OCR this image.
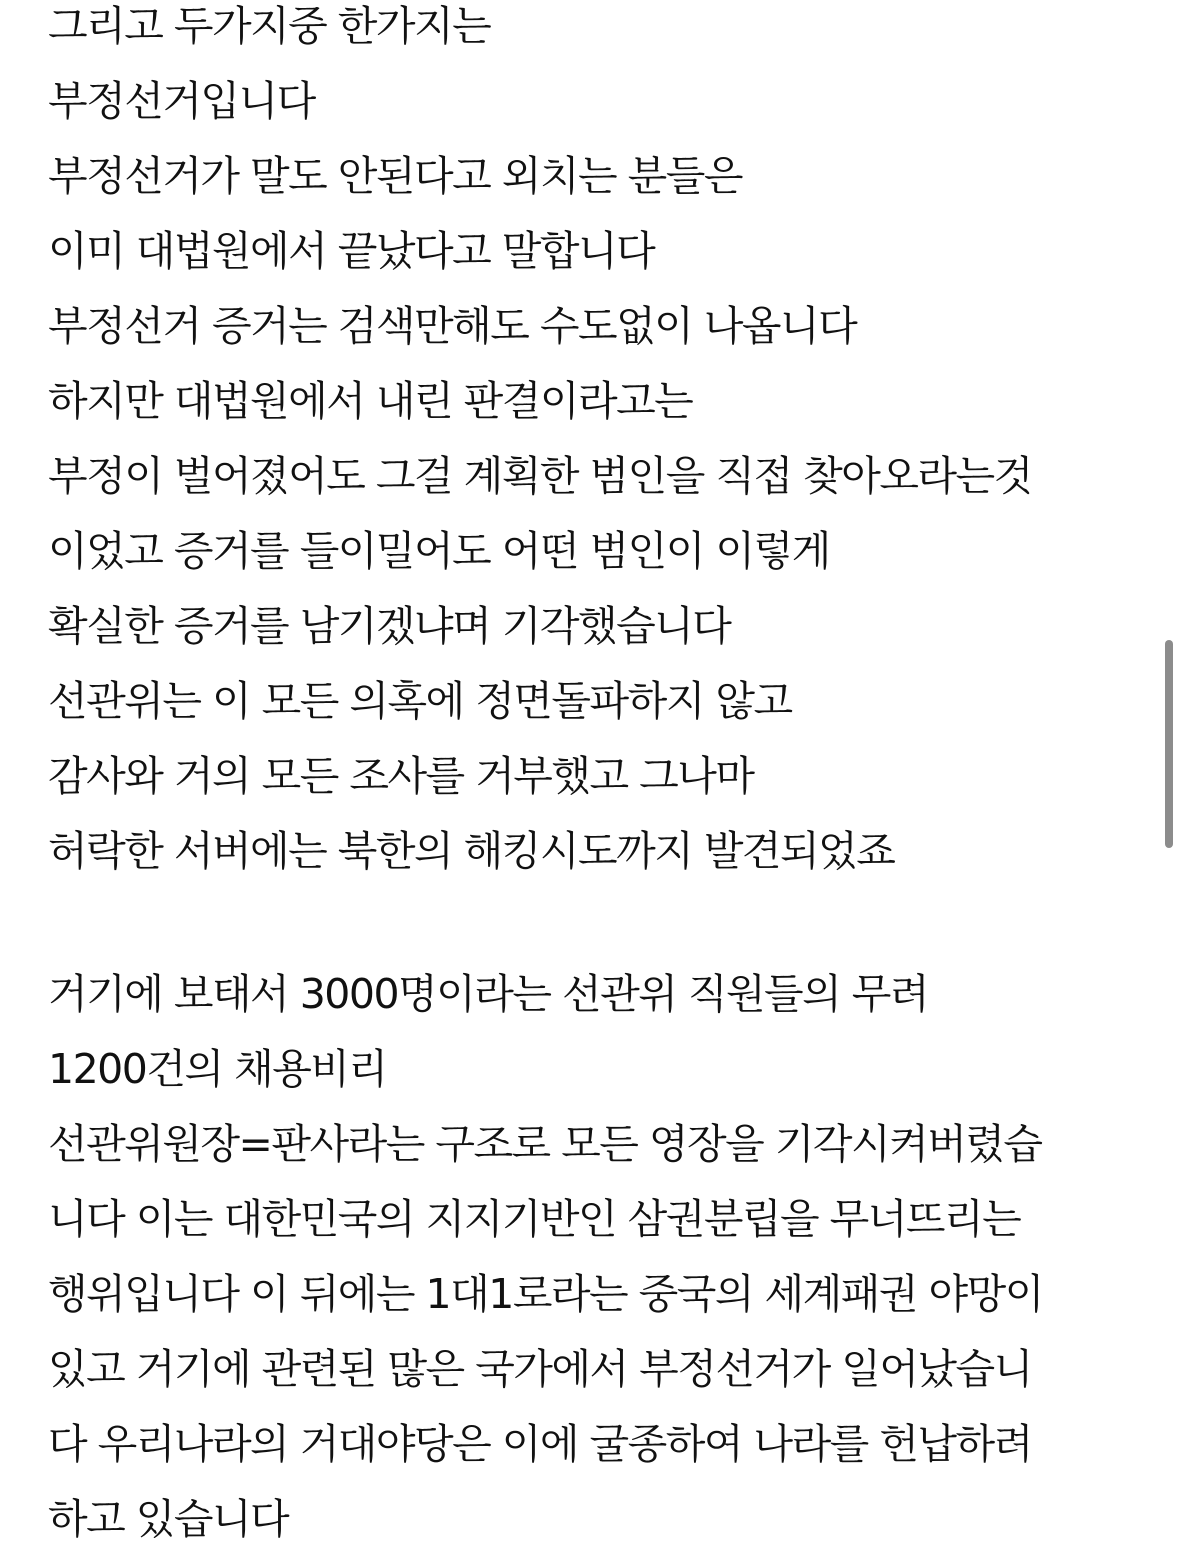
그리고 두가지중 한가지는
부정선거입니다
부정선거가 말도 안된다고 외치는 분들은
이미 대법원에서 끝났다고 말합니다
부정선거 증거는 검색만해도 수도없이 나옵니다
하지만 대법원에서 내린 판결이라고는
부정이 벌어졌어도 그걸 계획한 범인을 직접 찾아오라는것
이었고 증거를 들이밀어도 어떤 범인이 이렇게
확실한 증거를 남기겠냐며 기각했습니다
선관위는 이 모든 의혹에 정면돌파하지 않고
감사와 거의 모든 조사를 거부했고 그나마
허락한 서버에는 북한의 해킹시도까지 발견되었죠
거기에 보태서 3000명이라는 선관위 직원들의 무려
1200건의 채용비리
선관위원장=판사라는 구조로 모든 영장을 기각시켜버렸습
니다 이는 대한민국의 지지기반인 삼권분립을 무너뜨리는
행위입니다 이 뒤에는 1대1로라는 중국의 세계패권 야망이
있고 거기에 관련된 많은 국가에서 부정선거가 일어났습니
다 우리나라의 거대야당은 이에 굴종하여 나라를 헌납하려
하고 있습니다
